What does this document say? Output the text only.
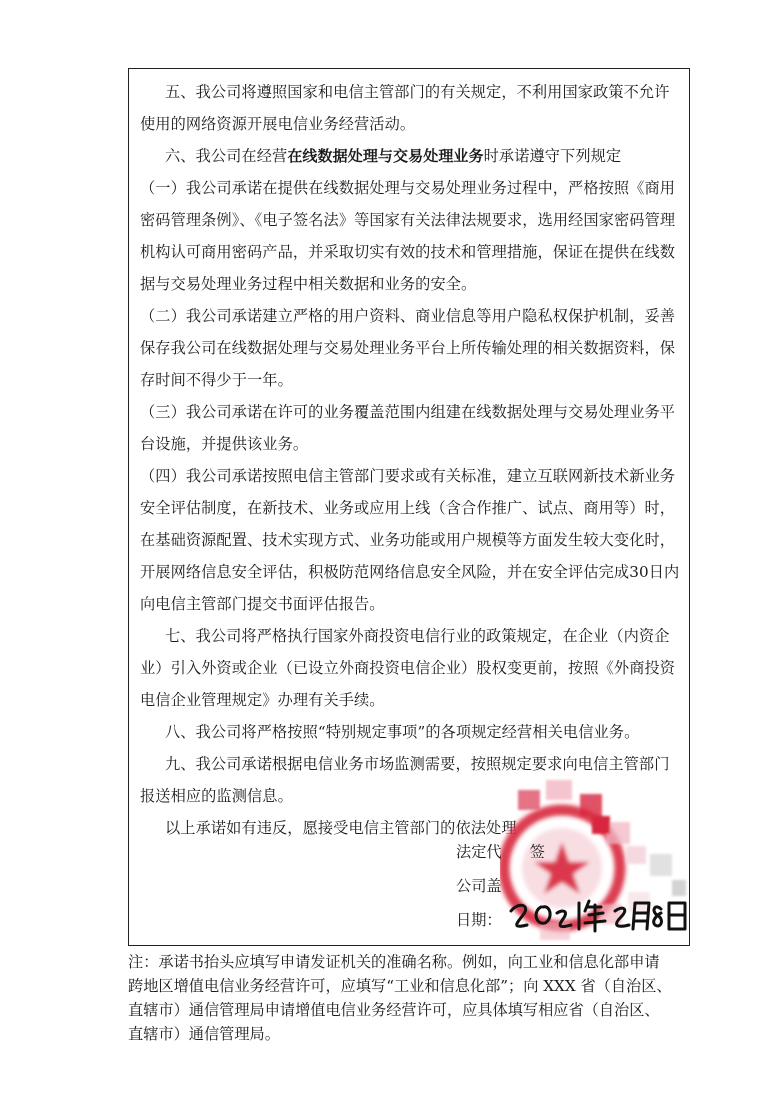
五、我公司将遵照国家和电信主管部门的有关规定，不利用国家政策不允许
使用的网络资源开展电信业务经营活动。
六、我公司在经营在线数据处理与交易处理业务时承诺遵守下列规定
（一）我公司承诺在提供在线数据处理与交易处理业务过程中，严格按照《商用
密码管理条例》、《电子签名法》等国家有关法律法规要求，选用经国家密码管理
机构认可商用密码产品，并采取切实有效的技术和管理措施，保证在提供在线数
据与交易处理业务过程中相关数据和业务的安全。
（二）我公司承诺建立严格的用户资料、商业信息等用户隐私权保护机制，妥善
保存我公司在线数据处理与交易处理业务平台上所传输处理的相关数据资料，保
存时间不得少于一年。
（三）我公司承诺在许可的业务覆盖范围内组建在线数据处理与交易处理业务平
台设施，并提供该业务。
（四）我公司承诺按照电信主管部门要求或有关标准，建立互联网新技术新业务
安全评估制度，在新技术、业务或应用上线（含合作推广、试点、商用等）时，
在基础资源配置、技术实现方式、业务功能或用户规模等方面发生较大变化时，
开展网络信息安全评估，积极防范网络信息安全风险，并在安全评估完成30日内
向电信主管部门提交书面评估报告。
七、我公司将严格执行国家外商投资电信行业的政策规定，在企业（内资企
业）引入外资或企业（已设立外商投资电信企业）股权变更前，按照《外商投资
电信企业管理规定》办理有关手续。
八、我公司将严格按照“特别规定事项”的各项规定经营相关电信业务。
九、我公司承诺根据电信业务市场监测需要，按照规定要求向电信主管部门
报送相应的监测信息。
以上承诺如有违反，愿接受电信主管部门的依法处理
法定代 签
公司盖
日期：
注：承诺书抬头应填写申请发证机关的准确名称。例如，向工业和信息化部申请
跨地区增值电信业务经营许可，应填写“工业和信息化部”；向 XXX 省（自治区、
直辖市）通信管理局申请增值电信业务经营许可，应具体填写相应省（自治区、
直辖市）通信管理局。
